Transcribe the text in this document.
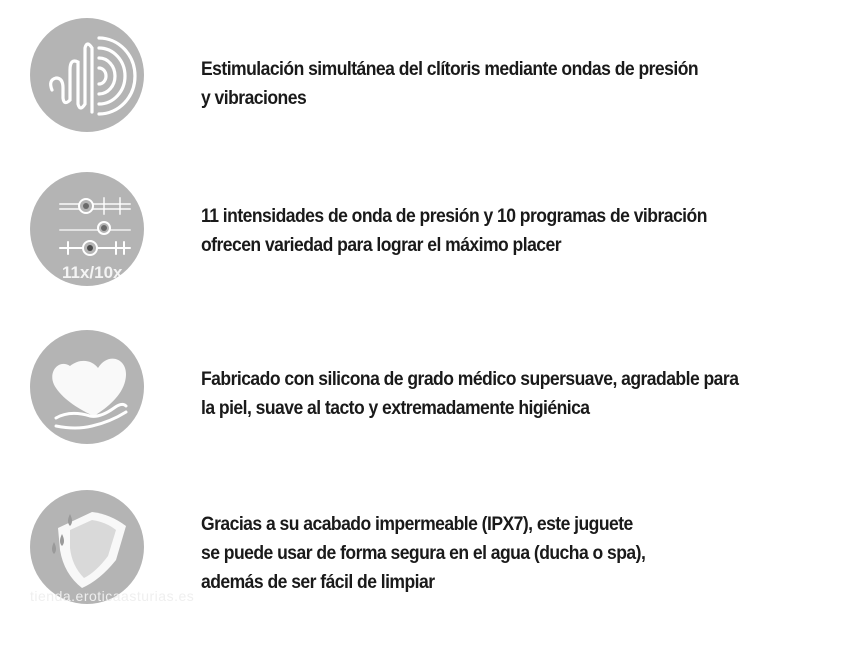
Estimulación simultánea del clítoris mediante ondas de presión
y vibraciones
11x/10x
11 intensidades de onda de presión y 10 programas de vibración
ofrecen variedad para lograr el máximo placer
Fabricado con silicona de grado médico supersuave, agradable para
la piel, suave al tacto y extremadamente higiénica
Gracias a su acabado impermeable (IPX7), este juguete
se puede usar de forma segura en el agua (ducha o spa),
además de ser fácil de limpiar
tienda.eroticaasturias.es
